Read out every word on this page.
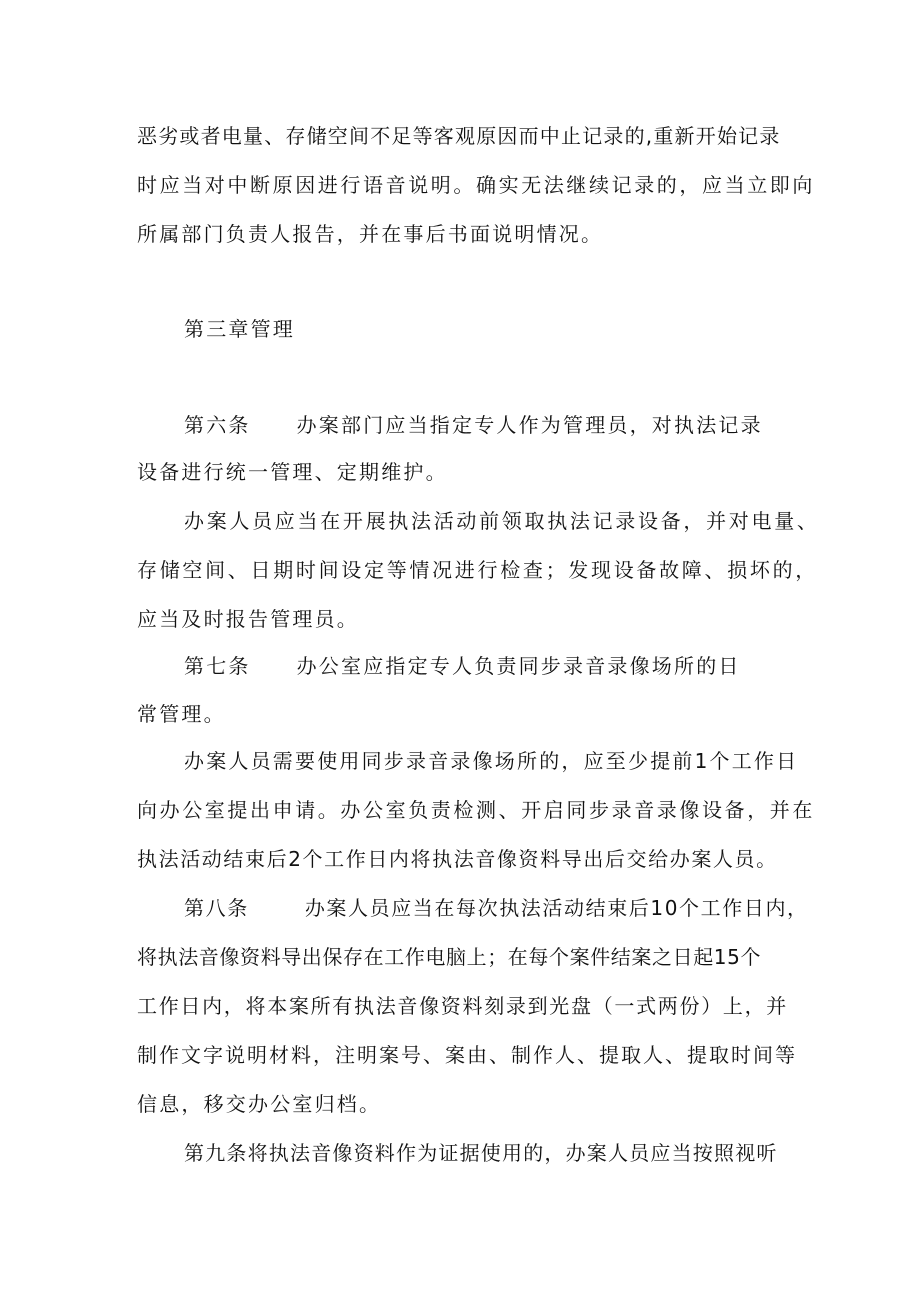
恶劣或者电量、存储空间不足等客观原因而中止记录的,重新开始记录
时应当对中断原因进行语音说明。确实无法继续记录的，应当立即向
所属部门负责人报告，并在事后书面说明情况。
第三章管理
第六条 办案部门应当指定专人作为管理员，对执法记录
设备进行统一管理、定期维护。
办案人员应当在开展执法活动前领取执法记录设备，并对电量、
存储空间、日期时间设定等情况进行检查；发现设备故障、损坏的，
应当及时报告管理员。
第七条 办公室应指定专人负责同步录音录像场所的日
常管理。
办案人员需要使用同步录音录像场所的，应至少提前1个工作日
向办公室提出申请。办公室负责检测、开启同步录音录像设备，并在
执法活动结束后2个工作日内将执法音像资料导出后交给办案人员。
第八条	办案人员应当在每次执法活动结束后10个工作日内，
将执法音像资料导出保存在工作电脑上；在每个案件结案之日起15个
工作日内，将本案所有执法音像资料刻录到光盘（一式两份）上，并
制作文字说明材料，注明案号、案由、制作人、提取人、提取时间等
信息，移交办公室归档。
第九条将执法音像资料作为证据使用的，办案人员应当按照视听
